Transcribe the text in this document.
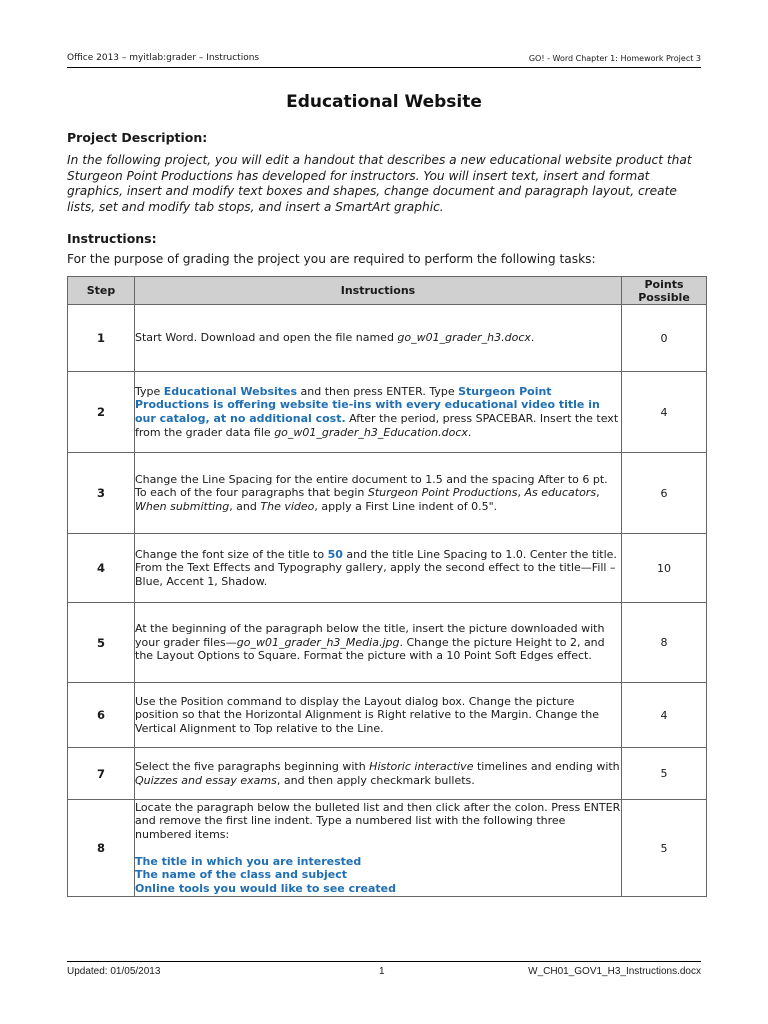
Office 2013 – myitlab:grader – Instructions	GO! - Word Chapter 1: Homework Project 3
Educational Website
Project Description:
In the following project, you will edit a handout that describes a new educational website product that Sturgeon Point Productions has developed for instructors. You will insert text, insert and format graphics, insert and modify text boxes and shapes, change document and paragraph layout, create lists, set and modify tab stops, and insert a SmartArt graphic.
Instructions:
For the purpose of grading the project you are required to perform the following tasks:
Step	Instructions	Points Possible
1	Start Word. Download and open the file named go_w01_grader_h3.docx.	0
2	Type Educational Websites and then press ENTER. Type Sturgeon Point Productions is offering website tie-ins with every educational video title in our catalog, at no additional cost. After the period, press SPACEBAR. Insert the text from the grader data file go_w01_grader_h3_Education.docx.	4
3	Change the Line Spacing for the entire document to 1.5 and the spacing After to 6 pt. To each of the four paragraphs that begin Sturgeon Point Productions, As educators, When submitting, and The video, apply a First Line indent of 0.5".	6
4	Change the font size of the title to 50 and the title Line Spacing to 1.0. Center the title. From the Text Effects and Typography gallery, apply the second effect to the title—Fill – Blue, Accent 1, Shadow.	10
5	At the beginning of the paragraph below the title, insert the picture downloaded with your grader files—go_w01_grader_h3_Media.jpg. Change the picture Height to 2, and the Layout Options to Square. Format the picture with a 10 Point Soft Edges effect.	8
6	Use the Position command to display the Layout dialog box. Change the picture position so that the Horizontal Alignment is Right relative to the Margin. Change the Vertical Alignment to Top relative to the Line.	4
7	Select the five paragraphs beginning with Historic interactive timelines and ending with Quizzes and essay exams, and then apply checkmark bullets.	5
8	Locate the paragraph below the bulleted list and then click after the colon. Press ENTER and remove the first line indent. Type a numbered list with the following three numbered items:
The title in which you are interested
The name of the class and subject
Online tools you would like to see created	5
Updated: 01/05/2013	1	W_CH01_GOV1_H3_Instructions.docx
